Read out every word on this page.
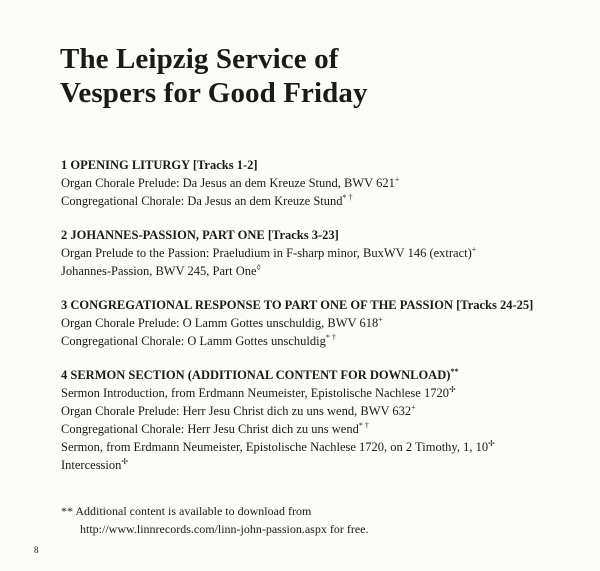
The Leipzig Service of
Vespers for Good Friday
1 OPENING LITURGY [Tracks 1-2]
Organ Chorale Prelude: Da Jesus an dem Kreuze Stund, BWV 621+
Congregational Chorale: Da Jesus an dem Kreuze Stund* †
2 JOHANNES-PASSION, PART ONE [Tracks 3-23]
Organ Prelude to the Passion: Praeludium in F-sharp minor, BuxWV 146 (extract)+
Johannes-Passion, BWV 245, Part One◊
3 CONGREGATIONAL RESPONSE TO PART ONE OF THE PASSION [Tracks 24-25]
Organ Chorale Prelude: O Lamm Gottes unschuldig, BWV 618+
Congregational Chorale: O Lamm Gottes unschuldig* †
4 SERMON SECTION (ADDITIONAL CONTENT FOR DOWNLOAD)**
Sermon Introduction, from Erdmann Neumeister, Epistolische Nachlese 1720✢
Organ Chorale Prelude: Herr Jesu Christ dich zu uns wend, BWV 632+
Congregational Chorale: Herr Jesu Christ dich zu uns wend* †
Sermon, from Erdmann Neumeister, Epistolische Nachlese 1720, on 2 Timothy, 1, 10✢
Intercession✢
** Additional content is available to download from
http://www.linnrecords.com/linn-john-passion.aspx for free.
8
